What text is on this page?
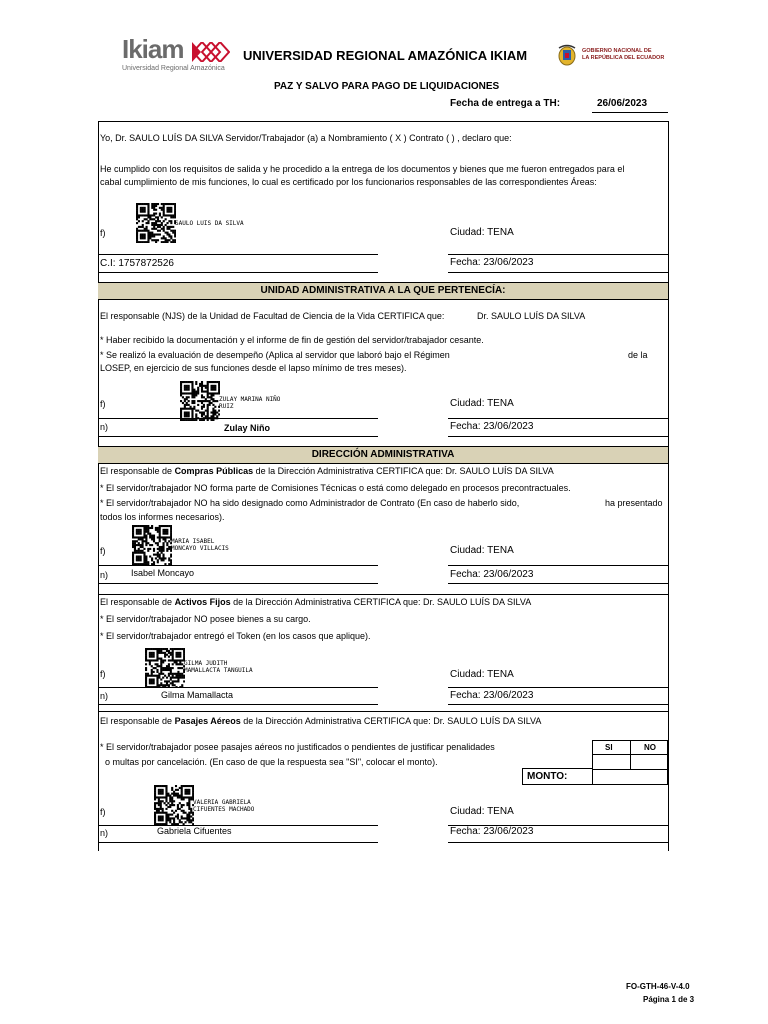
Ikiam
Universidad Regional Amazónica
UNIVERSIDAD REGIONAL AMAZÓNICA IKIAM	GOBIERNO NACIONAL DE
LA REPÚBLICA DEL ECUADOR
PAZ Y SALVO PARA PAGO DE LIQUIDACIONES
Fecha de entrega a TH:	26/06/2023
Yo, Dr. SAULO LUÍS DA SILVA Servidor/Trabajador (a) a Nombramiento ( X ) Contrato ( ) , declaro que:
He cumplido con los requisitos de salida y he procedido a la entrega de los documentos y bienes que me fueron entregados para el
cabal cumplimiento de mis funciones, lo cual es certificado por los funcionarios responsables de las correspondientes Áreas:
SAULO LUIS DA SILVA
f)	Ciudad: TENA
C.I: 1757872526	Fecha: 23/06/2023
UNIDAD ADMINISTRATIVA A LA QUE PERTENECÍA:
El responsable (NJS) de la Unidad de Facultad de Ciencia de la Vida CERTIFICA que:	Dr. SAULO LUÍS DA SILVA
* Haber recibido la documentación y el informe de fin de gestión del servidor/trabajador cesante.
* Se realizó la evaluación de desempeño (Aplica al servidor que laboró bajo el Régimen	de la
LOSEP, en ejercicio de sus funciones desde el lapso mínimo de tres meses).
ZULAY MARINA NIÑO
RUIZ
f)	Ciudad: TENA
n)	Zulay Niño	Fecha: 23/06/2023
DIRECCIÓN ADMINISTRATIVA
El responsable de Compras Públicas de la Dirección Administrativa CERTIFICA que: Dr. SAULO LUÍS DA SILVA
* El servidor/trabajador NO forma parte de Comisiones Técnicas o está como delegado en procesos precontractuales.
* El servidor/trabajador NO ha sido designado como Administrador de Contrato (En caso de haberlo sido,	ha presentado
todos los informes necesarios).
MARIA ISABEL
MONCAYO VILLACIS
f)	Ciudad: TENA
n)	Isabel Moncayo	Fecha: 23/06/2023
El responsable de Activos Fijos de la Dirección Administrativa CERTIFICA que: Dr. SAULO LUÍS DA SILVA
* El servidor/trabajador NO posee bienes a su cargo.
* El servidor/trabajador entregó el Token (en los casos que aplique).
GILMA JUDITH
MAMALLACTA TANGUILA
f)	Ciudad: TENA
n)	Gilma Mamallacta	Fecha: 23/06/2023
El responsable de Pasajes Aéreos de la Dirección Administrativa CERTIFICA que: Dr. SAULO LUÍS DA SILVA
* El servidor/trabajador posee pasajes aéreos no justificados o pendientes de justificar penalidades
o multas por cancelación. (En caso de que la respuesta sea "SI", colocar el monto).
SI	NO
MONTO:
VALERIA GABRIELA
CIFUENTES MACHADO
f)	Ciudad: TENA
n)	Gabriela Cifuentes	Fecha: 23/06/2023
FO-GTH-46-V-4.0
Página 1 de 3
